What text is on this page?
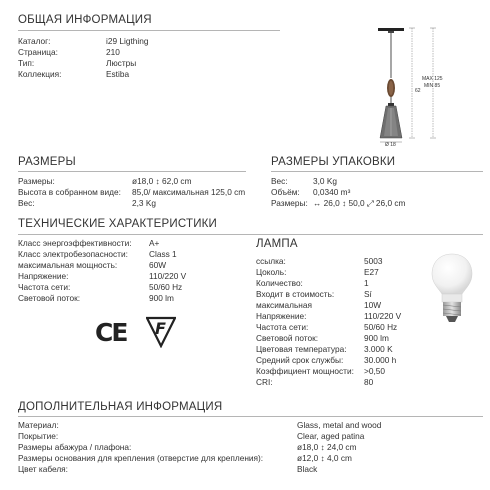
ОБЩАЯ ИНФОРМАЦИЯ
Каталог:	i29 Ligthing
Страница:	210
Тип:	Люстры
Коллекция:	Estiba
62
MAX 125
MIN 85
Ø 18
РАЗМЕРЫ
Размеры:	ø18,0 ↕ 62,0 cm
Высота в собранном виде: 85,0/ максимальная 125,0 cm
Вес:	2,3 Kg
РАЗМЕРЫ УПАКОВКИ
Вес:	3,0 Kg
Объём: 0,0340 m³
Размеры: ↔ 26,0 ↕ 50,0 ⤢ 26,0 cm
ТЕХНИЧЕСКИЕ ХАРАКТЕРИСТИКИ
Класс энергоэффективности: A+
Класс электробезопасности:	Class 1
максимальная мощность:	60W
Напряжение:	110/220 V
Частота сети:	50/60 Hz
Световой поток:	900 lm
CE F
ЛАМПА
ссылка:	5003
Цоколь:	E27
Количество:	1
Входит в стоимость:	Sí
максимальная	10W
Напряжение:	110/220 V
Частота сети:	50/60 Hz
Световой поток:	900 lm
Цветовая температура: 3.000 K
Средний срок службы:	30.000 h
Коэффициент мощности: >0,50
CRI:	80
ДОПОЛНИТЕЛЬНАЯ ИНФОРМАЦИЯ
Материал:	Glass, metal and wood
Покрытие:	Clear, aged patina
Размеры абажура / плафона:	ø18,0 ↕ 24,0 cm
Размеры основания для крепления (отверстие для крепления):	ø12,0 ↕ 4,0 cm
Цвет кабеля:	Black
